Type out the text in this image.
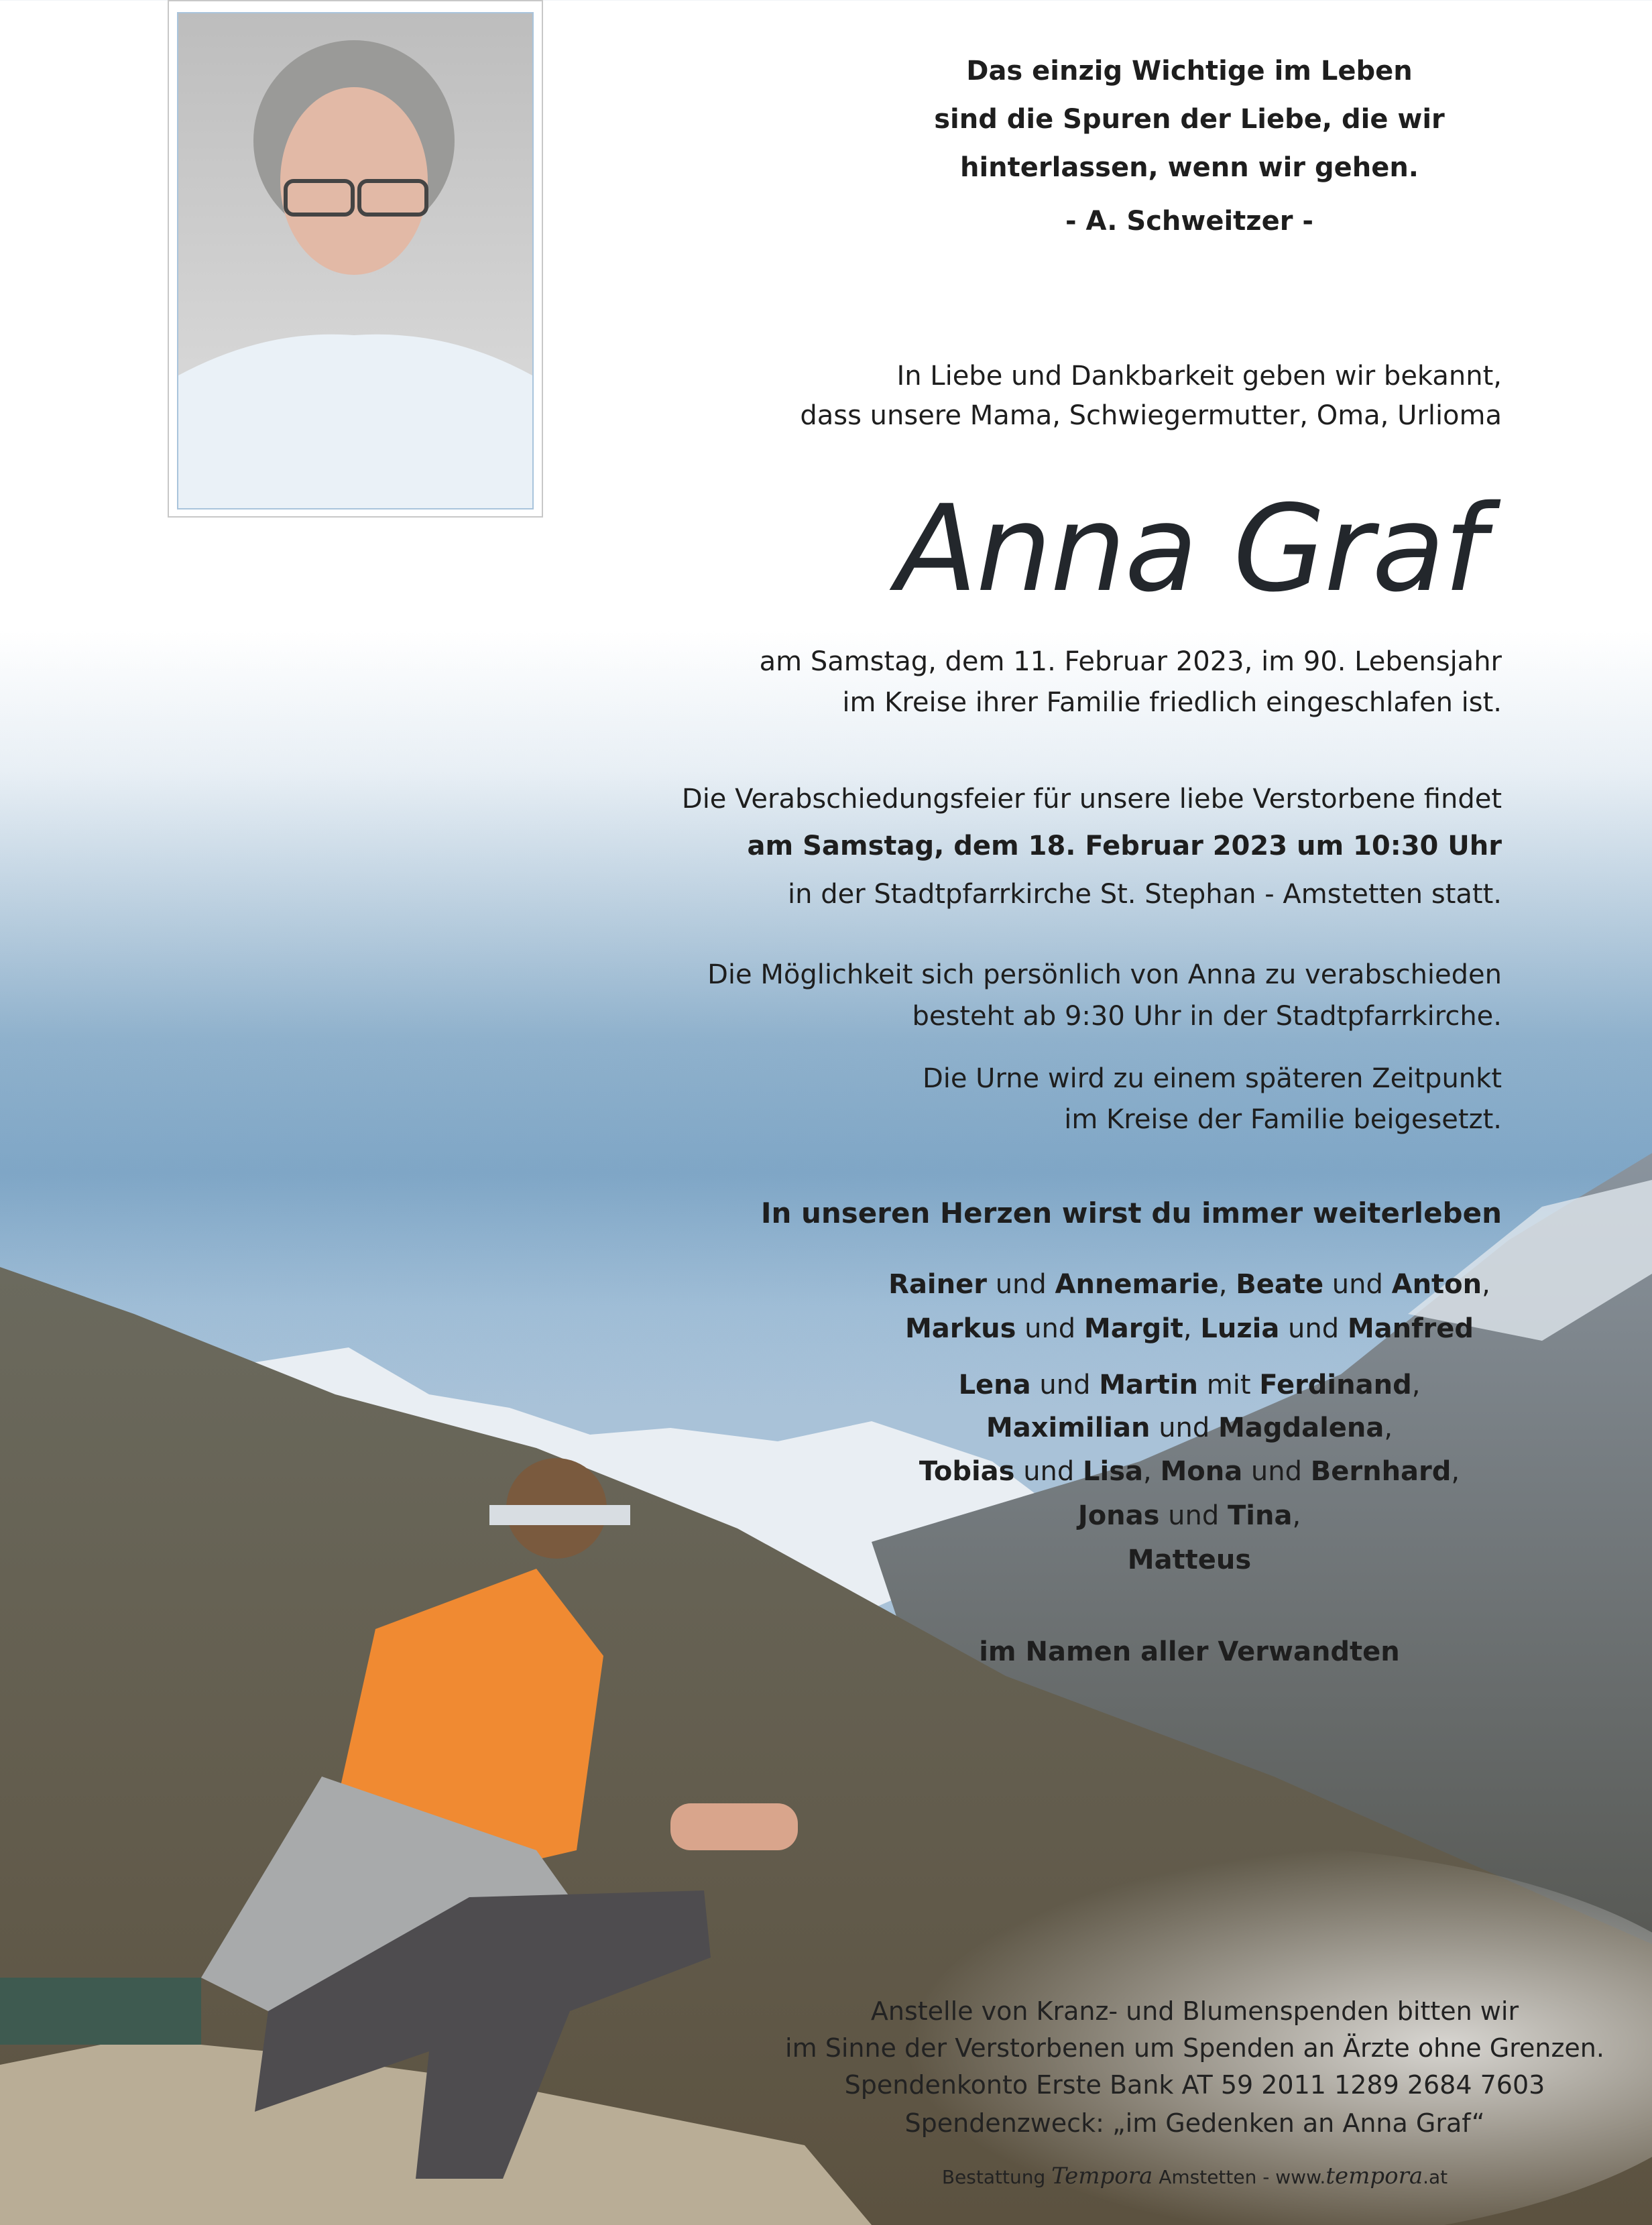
Das einzig Wichtige im Leben
sind die Spuren der Liebe, die wir
hinterlassen, wenn wir gehen.
- A. Schweitzer -
In Liebe und Dankbarkeit geben wir bekannt,
dass unsere Mama, Schwiegermutter, Oma, Urlioma
Anna Graf
am Samstag, dem 11. Februar 2023, im 90. Lebensjahr
im Kreise ihrer Familie friedlich eingeschlafen ist.
Die Verabschiedungsfeier für unsere liebe Verstorbene findet
am Samstag, dem 18. Februar 2023 um 10:30 Uhr
in der Stadtpfarrkirche St. Stephan - Amstetten statt.
Die Möglichkeit sich persönlich von Anna zu verabschieden
besteht ab 9:30 Uhr in der Stadtpfarrkirche.
Die Urne wird zu einem späteren Zeitpunkt
im Kreise der Familie beigesetzt.
In unseren Herzen wirst du immer weiterleben
Rainer und Annemarie, Beate und Anton,
Markus und Margit, Luzia und Manfred
Lena und Martin mit Ferdinand,
Maximilian und Magdalena,
Tobias und Lisa, Mona und Bernhard,
Jonas und Tina,
Matteus
im Namen aller Verwandten
Anstelle von Kranz- und Blumenspenden bitten wir
im Sinne der Verstorbenen um Spenden an Ärzte ohne Grenzen.
Spendenkonto Erste Bank AT 59 2011 1289 2684 7603
Spendenzweck: „im Gedenken an Anna Graf“
Bestattung Tempora Amstetten - www.tempora.at
